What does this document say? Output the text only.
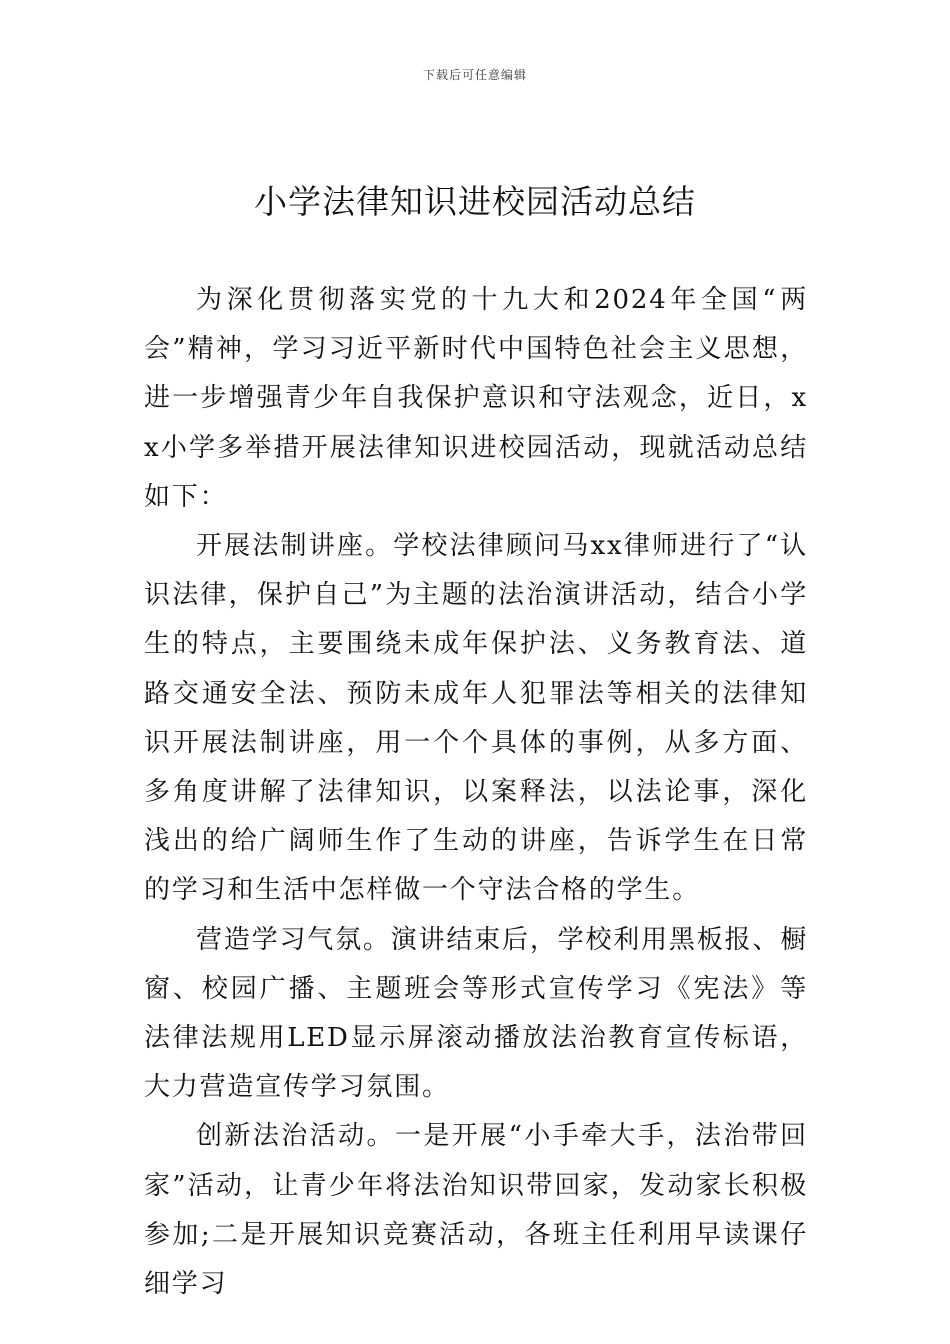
下载后可任意编辑
小学法律知识进校园活动总结

为深化贯彻落实党的十九大和2024年全国“两会”精神，学习习近平新时代中国特色社会主义思想，进一步增强青少年自我保护意识和守法观念，近日，xx小学多举措开展法律知识进校园活动，现就活动总结如下：

开展法制讲座。学校法律顾问马xx律师进行了“认识法律，保护自己”为主题的法治演讲活动，结合小学生的特点，主要围绕未成年保护法、义务教育法、道路交通安全法、预防未成年人犯罪法等相关的法律知识开展法制讲座，用一个个具体的事例，从多方面、多角度讲解了法律知识，以案释法，以法论事，深化浅出的给广阔师生作了生动的讲座，告诉学生在日常的学习和生活中怎样做一个守法合格的学生。

营造学习气氛。演讲结束后，学校利用黑板报、橱窗、校园广播、主题班会等形式宣传学习《宪法》等法律法规用LED显示屏滚动播放法治教育宣传标语，大力营造宣传学习氛围。

创新法治活动。一是开展“小手牵大手，法治带回家”活动，让青少年将法治知识带回家，发动家长积极参加;二是开展知识竞赛活动，各班主任利用早读课仔细学习
